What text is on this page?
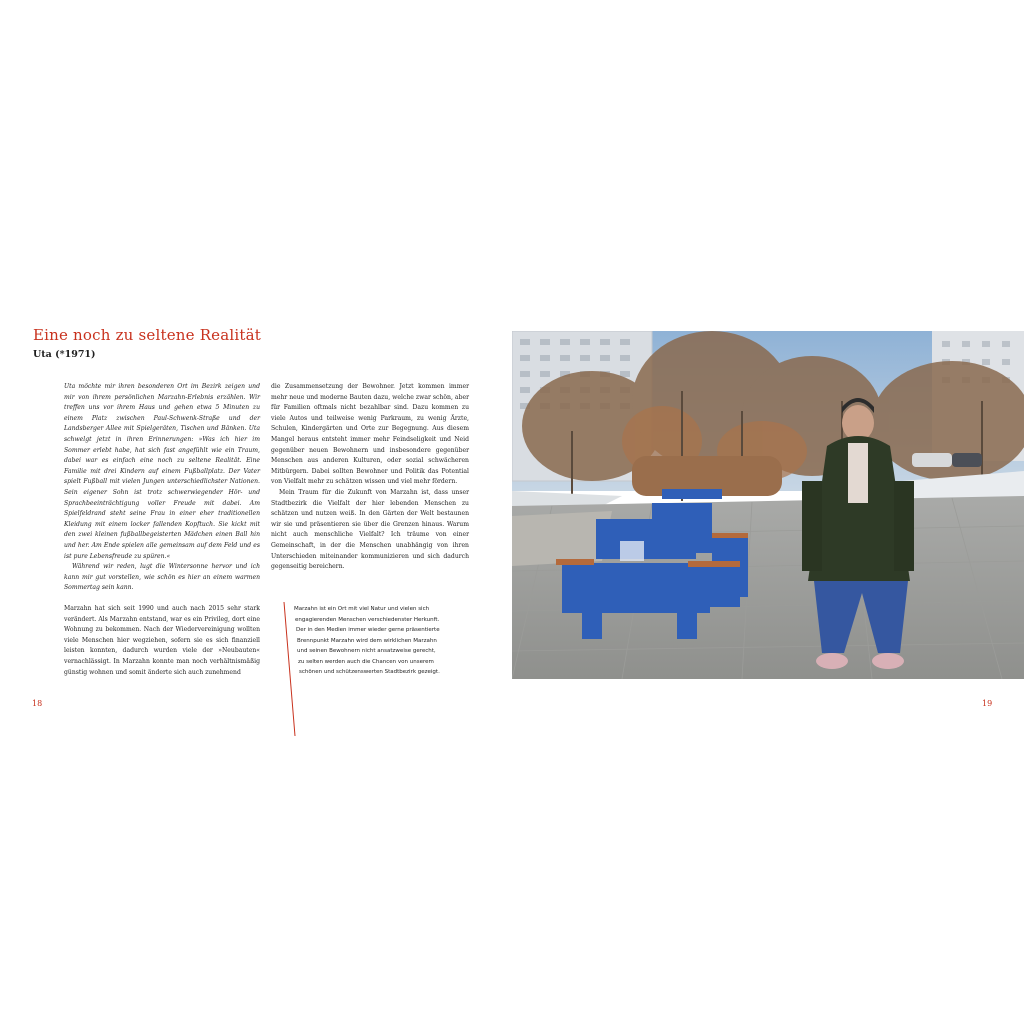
Eine noch zu seltene Realität
Uta (*1971)

Uta möchte mir ihren besonderen Ort im Bezirk zeigen und mir von ihrem persönlichen Marzahn-Erlebnis erzählen. Wir treffen uns vor ihrem Haus und gehen etwa 5 Minuten zu einem Platz zwischen Paul-Schwenk-Straße und der Landsberger Allee mit Spielgeräten, Tischen und Bänken. Uta schwelgt jetzt in ihren Erinnerungen: »Was ich hier im Sommer erlebt habe, hat sich fast angefühlt wie ein Traum, dabei war es einfach eine noch zu seltene Realität. Eine Familie mit drei Kindern auf einem Fußballplatz. Der Vater spielt Fußball mit vielen Jungen unterschiedlichster Nationen. Sein eigener Sohn ist trotz schwerwiegender Hör- und Sprachbeeinträchtigung voller Freude mit dabei. Am Spielfeldrand steht seine Frau in einer eher traditionellen Kleidung mit einem locker fallenden Kopftuch. Sie kickt mit den zwei kleinen fußballbegeisterten Mädchen einen Ball hin und her. Am Ende spielen alle gemeinsam auf dem Feld und es ist pure Lebensfreude zu spüren.«

Während wir reden, lugt die Wintersonne hervor und ich kann mir gut vorstellen, wie schön es hier an einem warmen Sommertag sein kann.

Marzahn hat sich seit 1990 und auch nach 2015 sehr stark verändert. Als Marzahn entstand, war es ein Privileg, dort eine Wohnung zu bekommen. Nach der Wiedervereinigung wollten viele Menschen hier wegziehen, sofern sie es sich finanziell leisten konnten, dadurch wurden viele der »Neubauten« vernachlässigt. In Marzahn konnte man noch verhältnismäßig günstig wohnen und somit änderte sich auch zunehmend

die Zusammensetzung der Bewohner. Jetzt kommen immer mehr neue und moderne Bauten dazu, welche zwar schön, aber für Familien oftmals nicht bezahlbar sind. Dazu kommen zu viele Autos und teilweise wenig Parkraum, zu wenig Ärzte, Schulen, Kindergärten und Orte zur Begegnung. Aus diesem Mangel heraus entsteht immer mehr Feindseligkeit und Neid gegenüber neuen Bewohnern und insbesondere gegenüber Menschen aus anderen Kulturen, oder sozial schwächeren Mitbürgern. Dabei sollten Bewohner und Politik das Potential von Vielfalt mehr zu schätzen wissen und viel mehr fördern.

Mein Traum für die Zukunft von Marzahn ist, dass unser Stadtbezirk die Vielfalt der hier lebenden Menschen zu schätzen und nutzen weiß. In den Gärten der Welt bestaunen wir sie und präsentieren sie über die Grenzen hinaus. Warum nicht auch menschliche Vielfalt? Ich träume von einer Gemeinschaft, in der die Menschen unabhängig von ihren Unterschieden miteinander kommunizieren und sich dadurch gegenseitig bereichern.

Marzahn ist ein Ort mit viel Natur und vielen sich

engagierenden Menschen verschiedenster Herkunft.

Der in den Medien immer wieder gerne präsentierte

Brennpunkt Marzahn wird dem wirklichen Marzahn

und seinen Bewohnern nicht ansatzweise gerecht,

zu selten werden auch die Chancen von unserem

schönen und schützenswerten Stadtbezirk gezeigt.

18	19
